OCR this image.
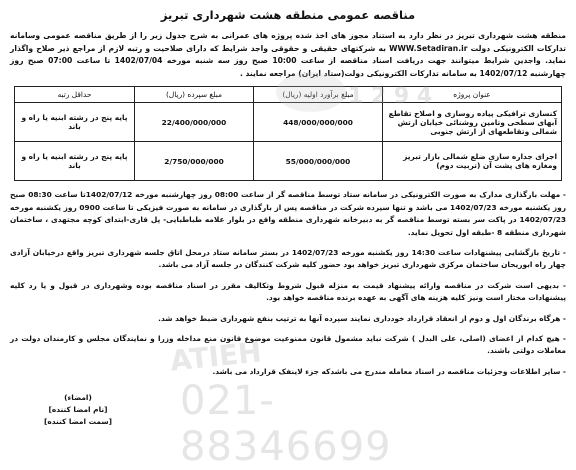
1 2 9 4
مناقصه عمومی منطقه هشت شهرداری تبریز
منطقه هشت شهرداری تبریز در نظر دارد به استناد مجوز های اخذ شده پروژه های عمرانی به شرح جدول زیر را از طریق مناقصه عمومی وسامانه تدارکات الکترونیکی دولت WWW.Setadiran.ir به شرکتهای حقیقی و حقوقی واجد شرایط که دارای صلاحیت و رتبه لازم از مراجع ذیر صلاح واگذار نماید. واجدین شرایط میتوانند جهت دریافت اسناد مناقصه از ساعت 10:00 صبح روز سه شنبه مورخه 1402/07/04 تا ساعت 07:00 صبح روز چهارشنبه 1402/07/12 به سامانه تدارکات الکترونیکی دولت(ستاد ایران) مراجعه نمایند .
عنوان پروژه	مبلغ برآورد اولیه (ریال)	مبلغ سپرده (ریال)	حداقل رتبه
کنسازی ترافیکی پیاده روسازی و اصلاح تقاطع آبهای سطحی وتامین روشنائی خیابان ارتش شمالی وتقاطعهای از ارتش جنوبی	448/000/000/000	22/400/000/000	پایه پنج در رشته ابنیه یا راه و باند
اجرای جداره سازی ضلع شمالی بازار تبریز ومغازه های پشت آن (تربیت دوم)	55/000/000/000	2/750/000/000	پایه پنج در رشته ابنیه یا راه و باند
- مهلت بارگذاری مدارک به صورت الکترونیکی در سامانه ستاد توسط مناقصه گر از ساعت 08:00 روز چهارشنبه مورخه 1402/07/12تا ساعت 08:30 صبح روز یکشنبه مورخه 1402/07/23 می باشد و تنها سپرده شرکت در مناقصه پس از بارگذاری در سامانه به صورت فیزیکی تا ساعت 0900 روز یکشنبه مورخه 1402/07/23 در پاکت سر بسته توسط مناقصه گر به دبیرخانه شهرداری منطقه واقع در بلوار علامه طباطبایی- پل قاری-ابتدای کوچه مجتهدی ، ساختمان شهرداری منطقه 8 -طبقه اول تحویل نماید.
- تاریخ بازگشایی پیشنهادات ساعت 14:30 روز یکشنبه مورخه 1402/07/23 در بستر سامانه ستاد درمحل اتاق جلسه شهرداری تبریز واقع درخیابان آزادی چهار راه ابوریحان ساختمان مرکزی شهرداری تبریز خواهد بود حضور کلیه شرکت کنندگان در جلسه آزاد می باشد.
- بدیهی است شرکت در مناقصه وارائه پیشنهاد قیمت به منزله قبول شروط وتکالیف مقرر در اسناد مناقصه بوده وشهرداری در قبول و یا رد کلیه پیشنهادات مختار است ونیز کلیه هزینه های آگهی به عهده برنده مناقصه خواهد بود.
- هرگاه برندگان اول و دوم از انعقاد قرارداد خودداری نمایند سپرده آنها به ترتیب بنفع شهرداری ضبط خواهد شد.
- هیچ کدام از اعضای (اصلی، علی البدل ) شرکت نباید مشمول قانون ممنوعیت موضوع قانون منع مداخله وزرا و نمایندگان مجلس و کارمندان دولت در معاملات دولتی باشند.
- سایر اطلاعات وجزئیات مناقصه در اسناد معامله مندرج می باشدکه جزء لاینفک قرارداد می باشد.
ATIEH
021-88346699
(امضاء)
[نام امضا کننده]
[سمت امضا کننده]
